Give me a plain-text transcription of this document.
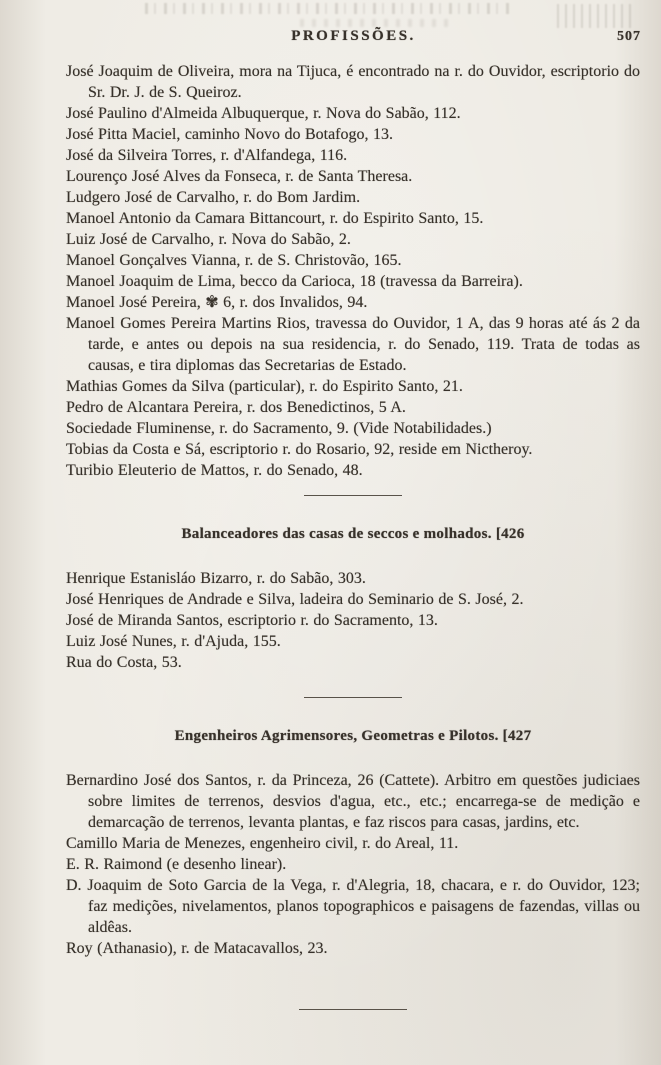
PROFISSÕES.	507

José Joaquim de Oliveira, mora na Tijuca, é encontrado na r. do Ouvidor, escriptorio do Sr. Dr. J. de S. Queiroz.

José Paulino d'Almeida Albuquerque, r. Nova do Sabão, 112.

José Pitta Maciel, caminho Novo do Botafogo, 13.

José da Silveira Torres, r. d'Alfandega, 116.

Lourenço José Alves da Fonseca, r. de Santa Theresa.

Ludgero José de Carvalho, r. do Bom Jardim.

Manoel Antonio da Camara Bittancourt, r. do Espirito Santo, 15.

Luiz José de Carvalho, r. Nova do Sabão, 2.

Manoel Gonçalves Vianna, r. de S. Christovão, 165.

Manoel Joaquim de Lima, becco da Carioca, 18 (travessa da Barreira).

Manoel José Pereira, ✾ 6, r. dos Invalidos, 94.

Manoel Gomes Pereira Martins Rios, travessa do Ouvidor, 1 A, das 9 horas até ás 2 da tarde, e antes ou depois na sua residencia, r. do Senado, 119. Trata de todas as causas, e tira diplomas das Secretarias de Estado.

Mathias Gomes da Silva (particular), r. do Espirito Santo, 21.

Pedro de Alcantara Pereira, r. dos Benedictinos, 5 A.

Sociedade Fluminense, r. do Sacramento, 9. (Vide Notabilidades.)

Tobias da Costa e Sá, escriptorio r. do Rosario, 92, reside em Nictheroy.

Turibio Eleuterio de Mattos, r. do Senado, 48.

Balanceadores das casas de seccos e molhados. [426

Henrique Estanisláo Bizarro, r. do Sabão, 303.

José Henriques de Andrade e Silva, ladeira do Seminario de S. José, 2.

José de Miranda Santos, escriptorio r. do Sacramento, 13.

Luiz José Nunes, r. d'Ajuda, 155.

Rua do Costa, 53.

Engenheiros Agrimensores, Geometras e Pilotos. [427

Bernardino José dos Santos, r. da Princeza, 26 (Cattete). Arbitro em questões judiciaes sobre limites de terrenos, desvios d'agua, etc., etc.; encarrega-se de medição e demarcação de terrenos, levanta plantas, e faz riscos para casas, jardins, etc.

Camillo Maria de Menezes, engenheiro civil, r. do Areal, 11.

E. R. Raimond (e desenho linear).

D. Joaquim de Soto Garcia de la Vega, r. d'Alegria, 18, chacara, e r. do Ouvidor, 123; faz medições, nivelamentos, planos topographicos e paisagens de fazendas, villas ou aldêas.

Roy (Athanasio), r. de Matacavallos, 23.
